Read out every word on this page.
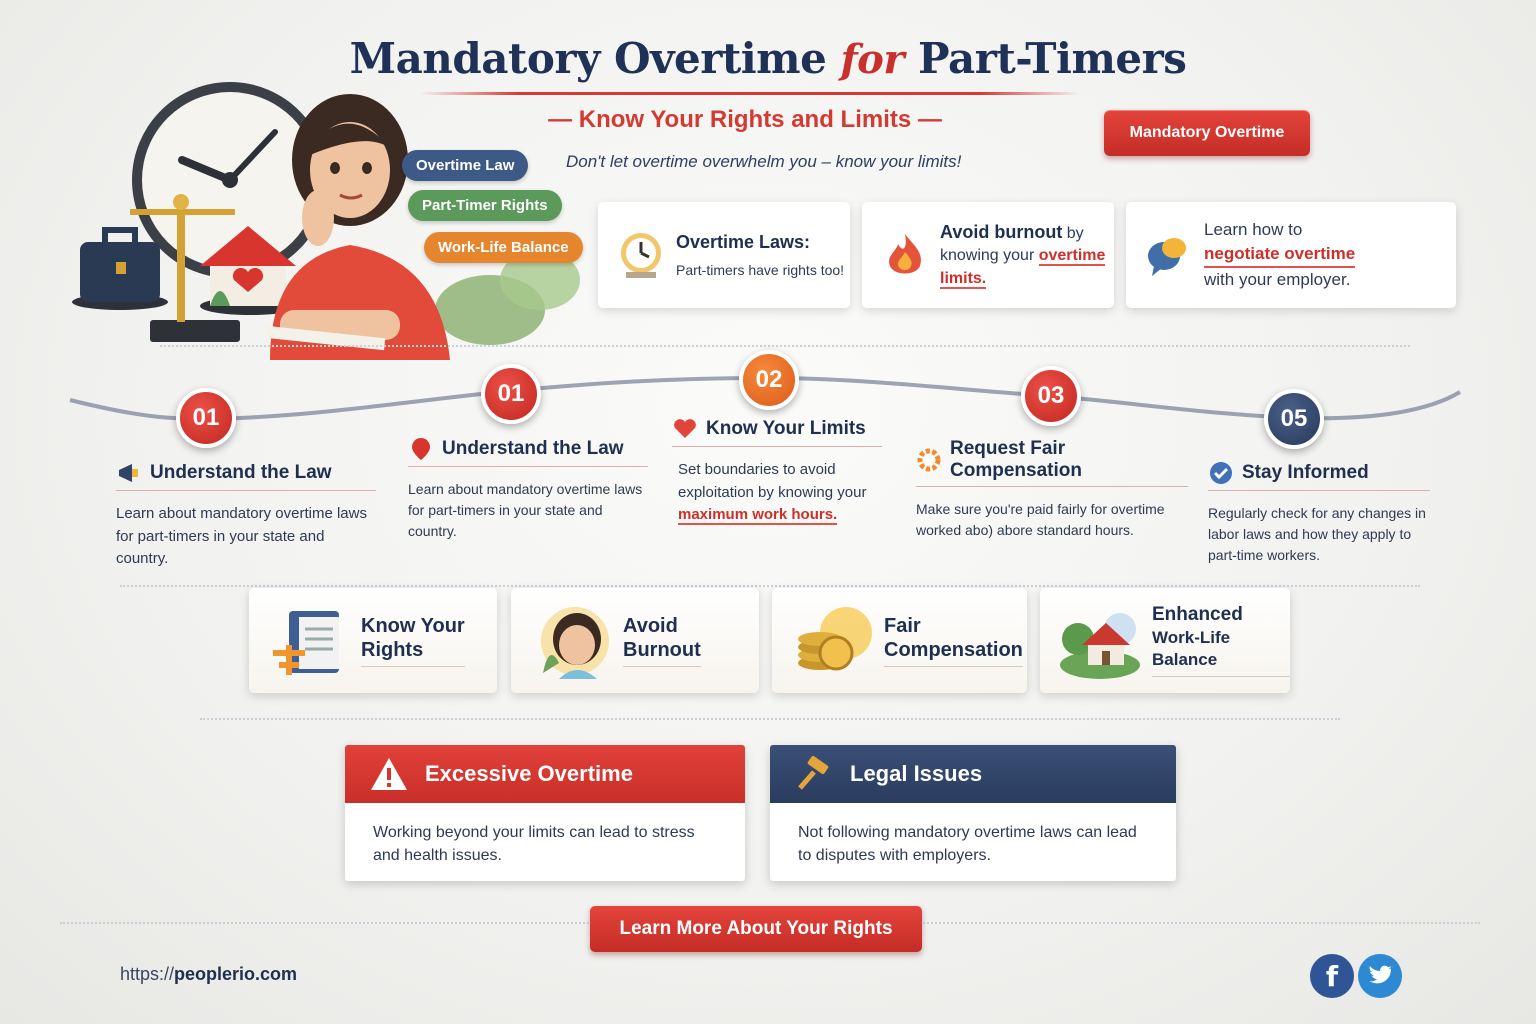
Mandatory Overtime for Part-Timers
— Know Your Rights and Limits —
Don't let overtime overwhelm you – know your limits!
Mandatory Overtime
Overtime Law
Part-Timer Rights
Work-Life Balance	Overtime Laws:
Part-timers have rights too!
Avoid burnout by knowing your overtime
limits.
Learn how to
negotiate overtime
with your employer.
01
01
02
03
05
Understand the Law
Learn about mandatory overtime laws for part-timers in your state and country.
Understand the Law
Learn about mandatory overtime laws for part-timers in your state and country.
Know Your Limits
Set boundaries to avoid exploitation by knowing your maximum work hours.
Request Fair Compensation
Make sure you're paid fairly for overtime worked abo) abore standard hours.
Stay Informed
Regularly check for any changes in labor laws and how they apply to part-time workers.
Know Your
Rights
Avoid
Burnout
Fair
Compensation
Enhanced
Work-Life Balance
Excessive Overtime
Working beyond your limits can lead to stress and health issues.
Legal Issues
Not following mandatory overtime laws can lead to disputes with employers.
Learn More About Your Rights
https://peoplerio.com	f
